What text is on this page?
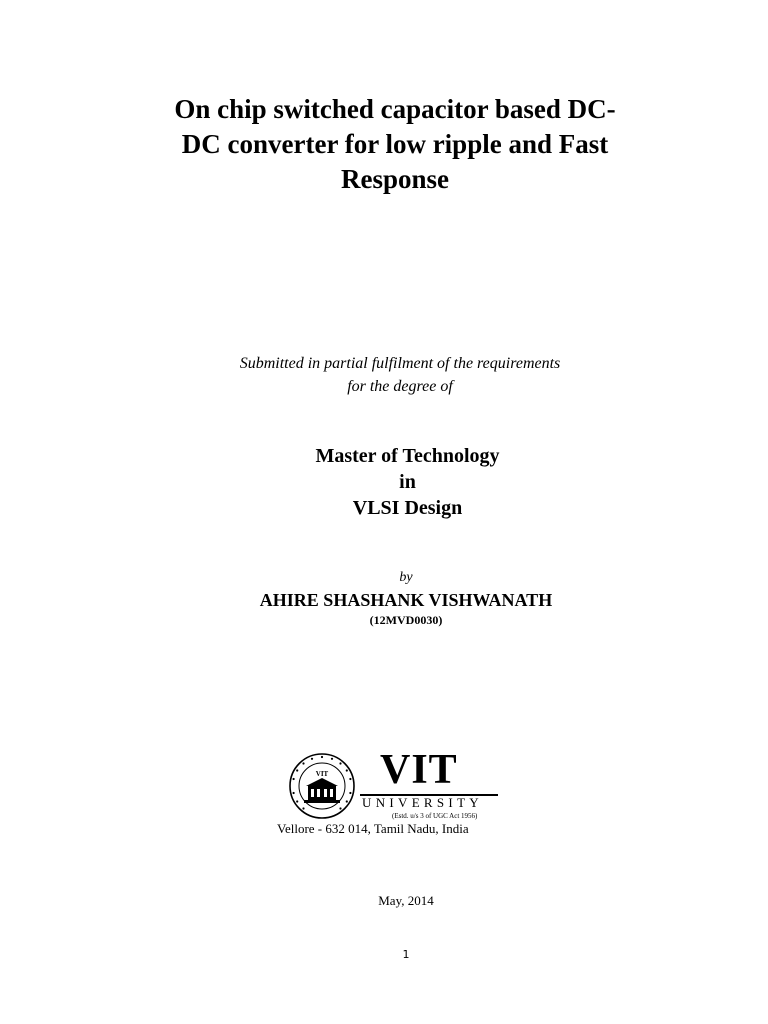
On chip switched capacitor based DC-
DC converter for low ripple and Fast
Response
Submitted in partial fulfilment of the requirements
for the degree of
Master of Technology
in
VLSI Design
by
AHIRE SHASHANK VISHWANATH
(12MVD0030)
VIT VIT
UNIVERSITY
(Estd. u/s 3 of UGC Act 1956)
Vellore - 632 014, Tamil Nadu, India
May, 2014
1
